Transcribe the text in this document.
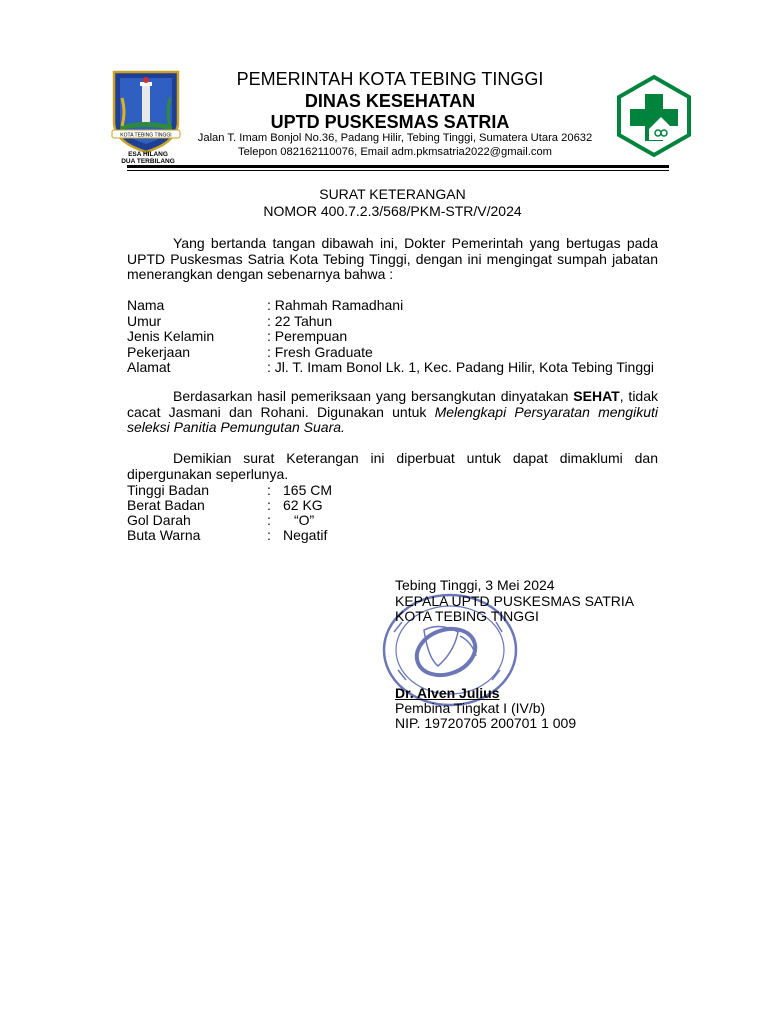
KOTA TEBING TINGGI
ESA HILANG
DUA TERBILANG
PEMERINTAH KOTA TEBING TINGGI
DINAS KESEHATAN
UPTD PUSKESMAS SATRIA
Jalan T. Imam Bonjol No.36, Padang Hilir, Tebing Tinggi, Sumatera Utara 20632
Telepon 082162110076, Email adm.pkmsatria2022@gmail.com
SURAT KETERANGAN
NOMOR 400.7.2.3/568/PKM-STR/V/2024
Yang bertanda tangan dibawah ini, Dokter Pemerintah yang bertugas pada UPTD Puskesmas Satria Kota Tebing Tinggi, dengan ini mengingat sumpah jabatan menerangkan dengan sebenarnya bahwa :
Nama	: Rahmah Ramadhani
Umur	: 22 Tahun
Jenis Kelamin	: Perempuan
Pekerjaan	: Fresh Graduate
Alamat	: Jl. T. Imam Bonol Lk. 1, Kec. Padang Hilir, Kota Tebing Tinggi
Berdasarkan hasil pemeriksaan yang bersangkutan dinyatakan SEHAT, tidak cacat Jasmani dan Rohani. Digunakan untuk Melengkapi Persyaratan mengikuti seleksi Panitia Pemungutan Suara.
Demikian surat Keterangan ini diperbuat untuk dapat dimaklumi dan dipergunakan seperlunya.
Tinggi Badan	: 165 CM
Berat Badan	: 62 KG
Gol Darah	: “O”
Buta Warna	: Negatif
Tebing Tinggi, 3 Mei 2024
KEPALA UPTD PUSKESMAS SATRIA
KOTA TEBING TINGGI
Dr. Alven Julius
Pembina Tingkat I (IV/b)
NIP. 19720705 200701 1 009
